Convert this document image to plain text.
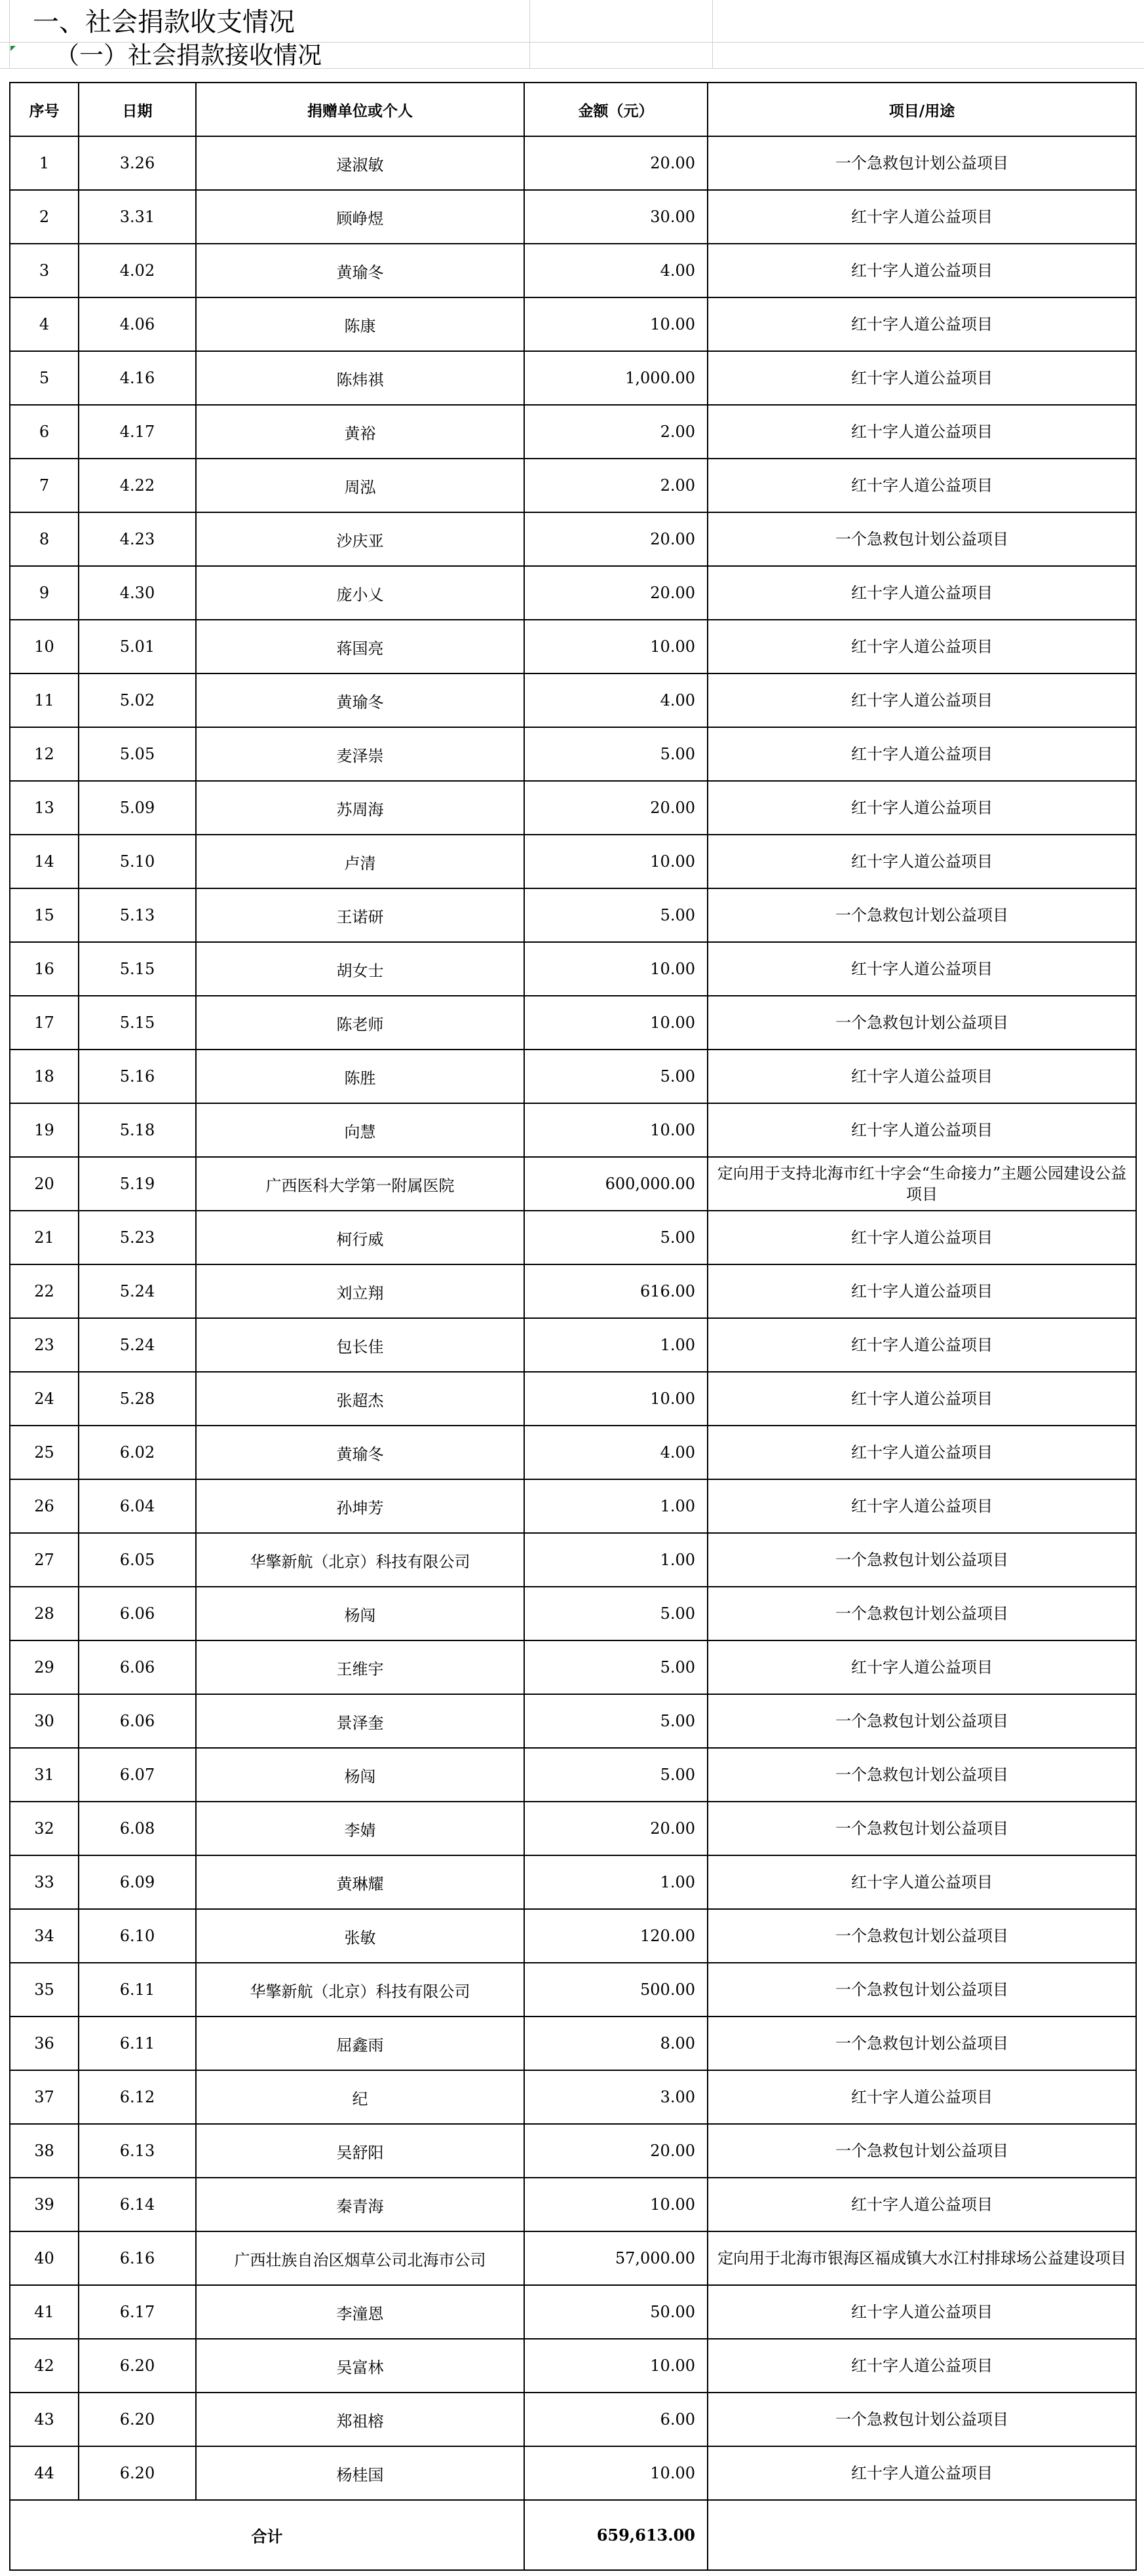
一、社会捐款收支情况
（一）社会捐款接收情况
序号	日期	捐赠单位或个人	金额（元）	项目/用途
1	3.26	逯淑敏	20.00	一个急救包计划公益项目
2	3.31	顾峥煜	30.00	红十字人道公益项目
3	4.02	黄瑜冬	4.00	红十字人道公益项目
4	4.06	陈康	10.00	红十字人道公益项目
5	4.16	陈炜祺	1,000.00	红十字人道公益项目
6	4.17	黄裕	2.00	红十字人道公益项目
7	4.22	周泓	2.00	红十字人道公益项目
8	4.23	沙庆亚	20.00	一个急救包计划公益项目
9	4.30	庞小乂	20.00	红十字人道公益项目
10	5.01	蒋国亮	10.00	红十字人道公益项目
11	5.02	黄瑜冬	4.00	红十字人道公益项目
12	5.05	麦泽崇	5.00	红十字人道公益项目
13	5.09	苏周海	20.00	红十字人道公益项目
14	5.10	卢清	10.00	红十字人道公益项目
15	5.13	王诺研	5.00	一个急救包计划公益项目
16	5.15	胡女士	10.00	红十字人道公益项目
17	5.15	陈老师	10.00	一个急救包计划公益项目
18	5.16	陈胜	5.00	红十字人道公益项目
19	5.18	向慧	10.00	红十字人道公益项目
20	5.19	广西医科大学第一附属医院	600,000.00	定向用于支持北海市红十字会“生命接力”主题公园建设公益项目
21	5.23	柯行威	5.00	红十字人道公益项目
22	5.24	刘立翔	616.00	红十字人道公益项目
23	5.24	包长佳	1.00	红十字人道公益项目
24	5.28	张超杰	10.00	红十字人道公益项目
25	6.02	黄瑜冬	4.00	红十字人道公益项目
26	6.04	孙坤芳	1.00	红十字人道公益项目
27	6.05	华擎新航（北京）科技有限公司	1.00	一个急救包计划公益项目
28	6.06	杨闯	5.00	一个急救包计划公益项目
29	6.06	王维宇	5.00	红十字人道公益项目
30	6.06	景泽奎	5.00	一个急救包计划公益项目
31	6.07	杨闯	5.00	一个急救包计划公益项目
32	6.08	李婧	20.00	一个急救包计划公益项目
33	6.09	黄琳耀	1.00	红十字人道公益项目
34	6.10	张敏	120.00	一个急救包计划公益项目
35	6.11	华擎新航（北京）科技有限公司	500.00	一个急救包计划公益项目
36	6.11	屈鑫雨	8.00	一个急救包计划公益项目
37	6.12	纪	3.00	红十字人道公益项目
38	6.13	吴舒阳	20.00	一个急救包计划公益项目
39	6.14	秦青海	10.00	红十字人道公益项目
40	6.16	广西壮族自治区烟草公司北海市公司	57,000.00	定向用于北海市银海区福成镇大水江村排球场公益建设项目
41	6.17	李潼恩	50.00	红十字人道公益项目
42	6.20	吴富林	10.00	红十字人道公益项目
43	6.20	郑祖榕	6.00	一个急救包计划公益项目
44	6.20	杨桂国	10.00	红十字人道公益项目
合计			659,613.00	
